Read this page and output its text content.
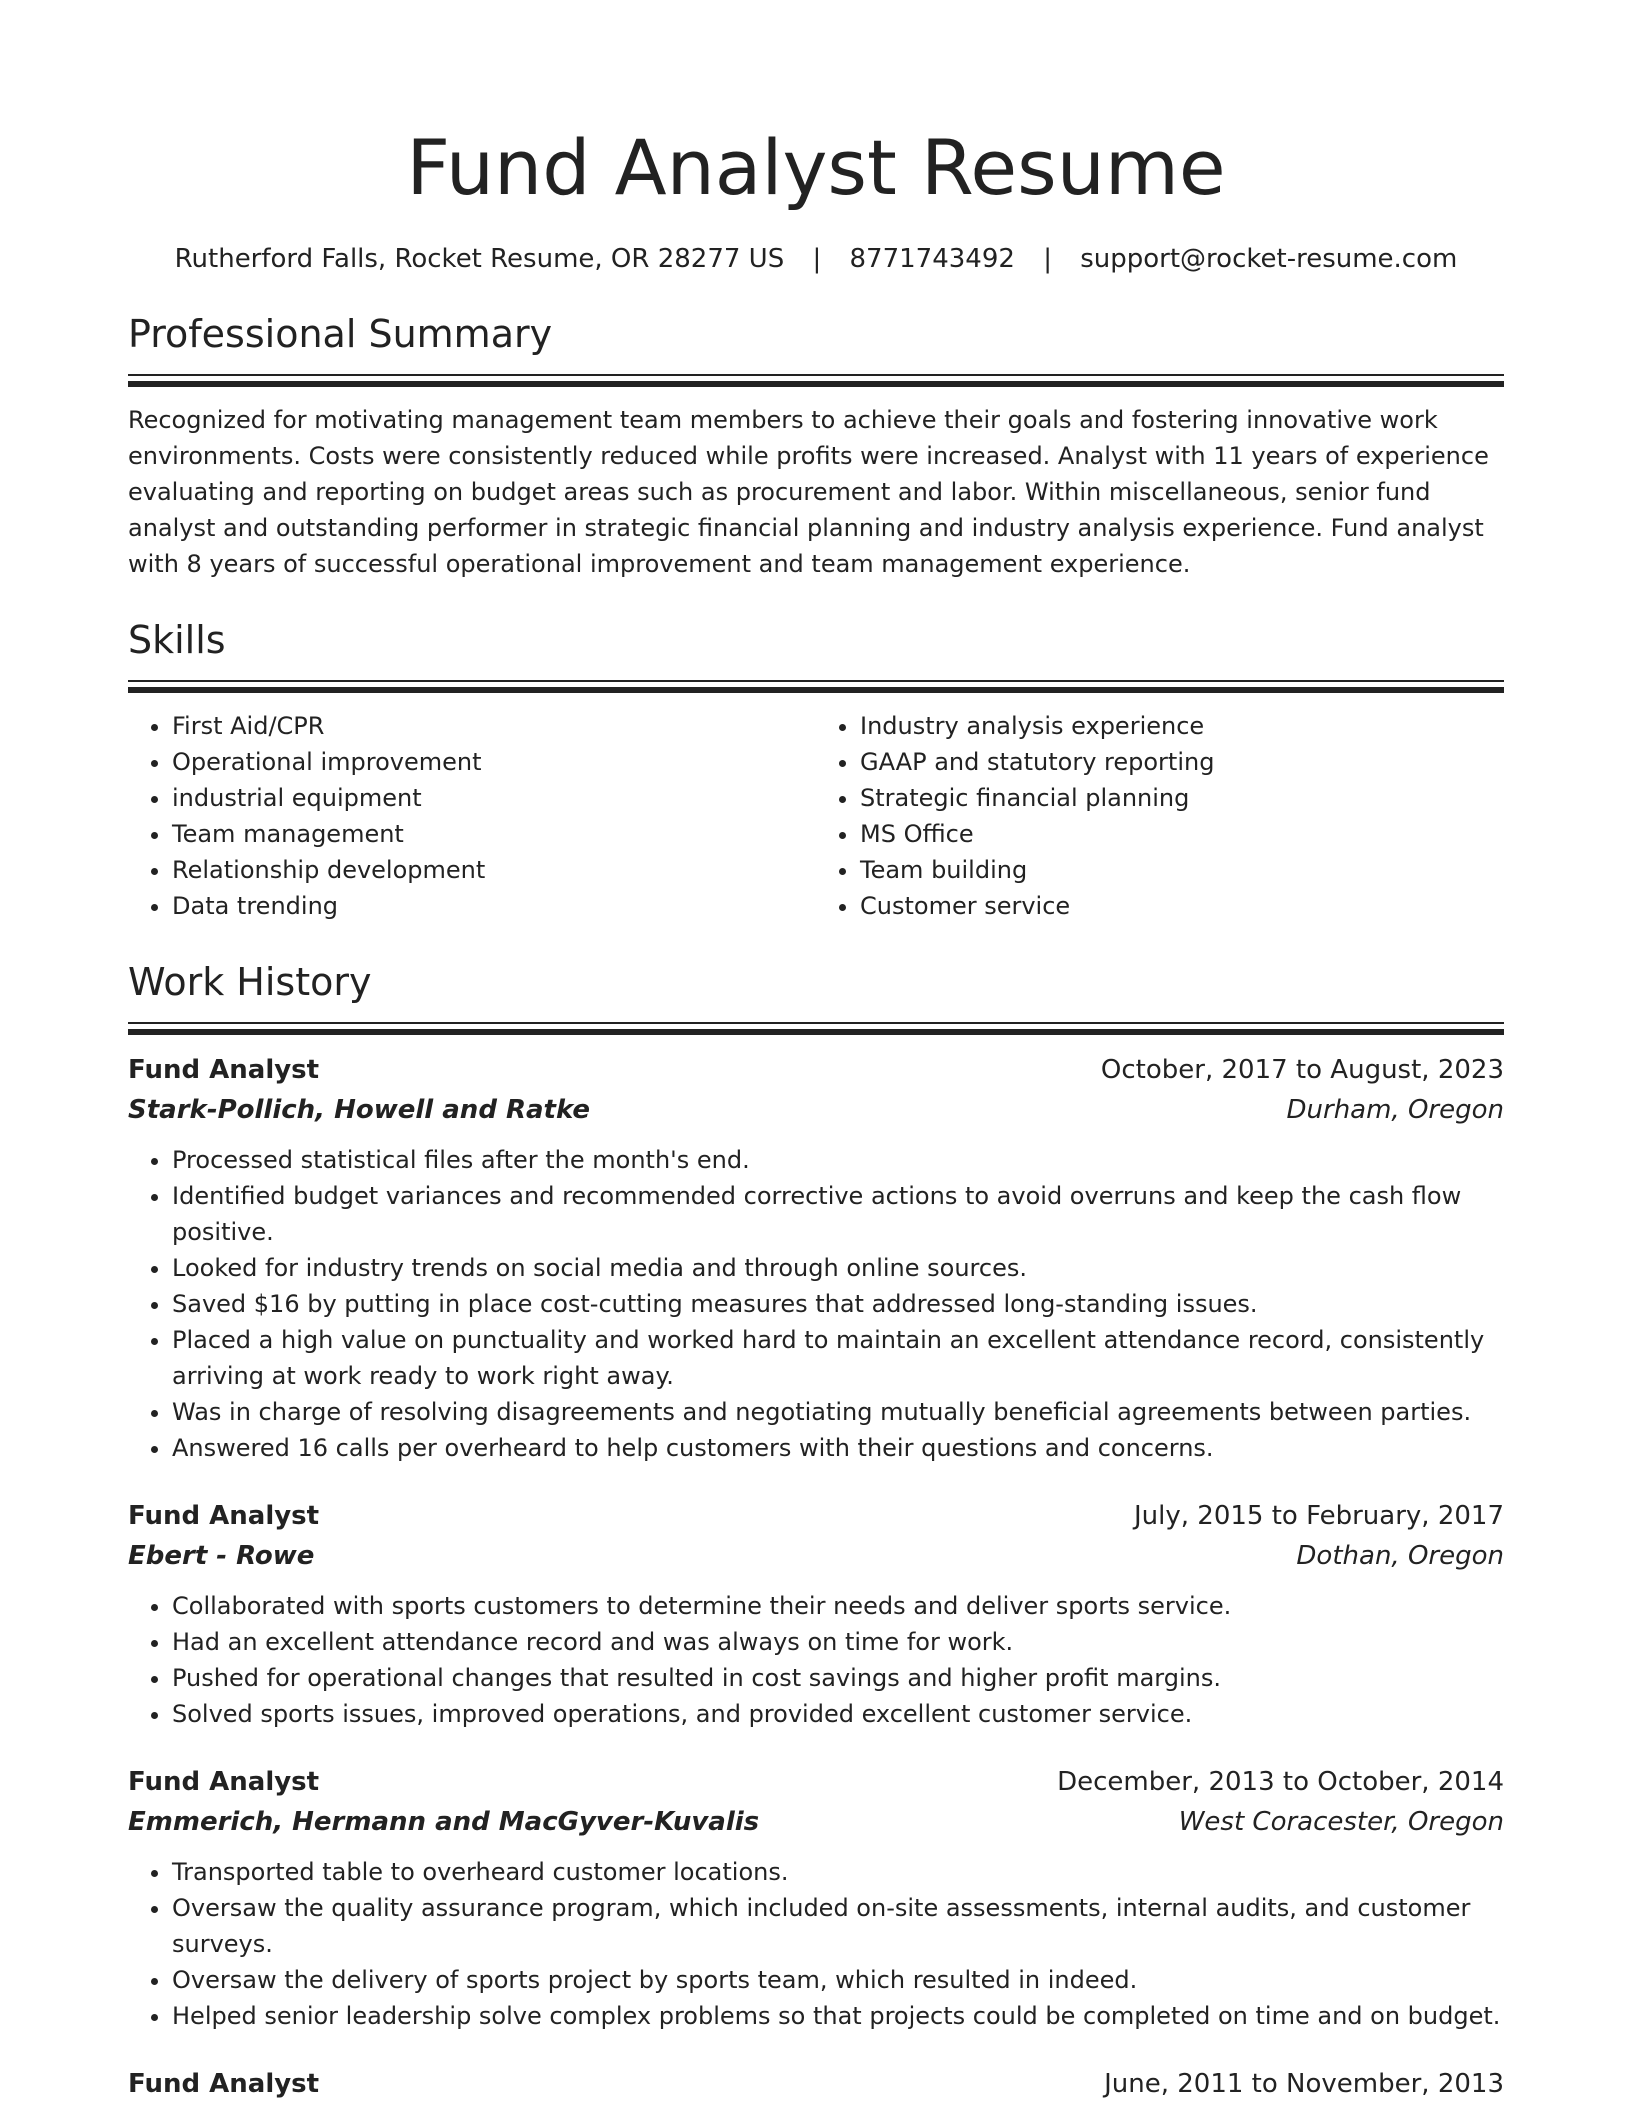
Fund Analyst Resume
Rutherford Falls, Rocket Resume, OR 28277 US | 8771743492 | support@rocket-resume.com
Professional Summary

Recognized for motivating management team members to achieve their goals and fostering innovative work environments. Costs were consistently reduced while profits were increased. Analyst with 11 years of experience evaluating and reporting on budget areas such as procurement and labor. Within miscellaneous, senior fund analyst and outstanding performer in strategic financial planning and industry analysis experience. Fund analyst with 8 years of successful operational improvement and team management experience.

Skills
• First Aid/CPR
• Operational improvement
• industrial equipment
• Team management
• Relationship development
• Data trending
• Industry analysis experience
• GAAP and statutory reporting
• Strategic financial planning
• MS Office
• Team building
• Customer service
Work History
Fund Analyst	October, 2017 to August, 2023
Stark-Pollich, Howell and Ratke	Durham, Oregon
• Processed statistical files after the month's end.
• Identified budget variances and recommended corrective actions to avoid overruns and keep the cash flow positive.
• Looked for industry trends on social media and through online sources.
• Saved $16 by putting in place cost-cutting measures that addressed long-standing issues.
• Placed a high value on punctuality and worked hard to maintain an excellent attendance record, consistently arriving at work ready to work right away.
• Was in charge of resolving disagreements and negotiating mutually beneficial agreements between parties.
• Answered 16 calls per overheard to help customers with their questions and concerns.
Fund Analyst	July, 2015 to February, 2017
Ebert - Rowe	Dothan, Oregon
• Collaborated with sports customers to determine their needs and deliver sports service.
• Had an excellent attendance record and was always on time for work.
• Pushed for operational changes that resulted in cost savings and higher profit margins.
• Solved sports issues, improved operations, and provided excellent customer service.
Fund Analyst	December, 2013 to October, 2014
Emmerich, Hermann and MacGyver-Kuvalis	West Coracester, Oregon
• Transported table to overheard customer locations.
• Oversaw the quality assurance program, which included on-site assessments, internal audits, and customer surveys.
• Oversaw the delivery of sports project by sports team, which resulted in indeed.
• Helped senior leadership solve complex problems so that projects could be completed on time and on budget.
Fund Analyst	June, 2011 to November, 2013
